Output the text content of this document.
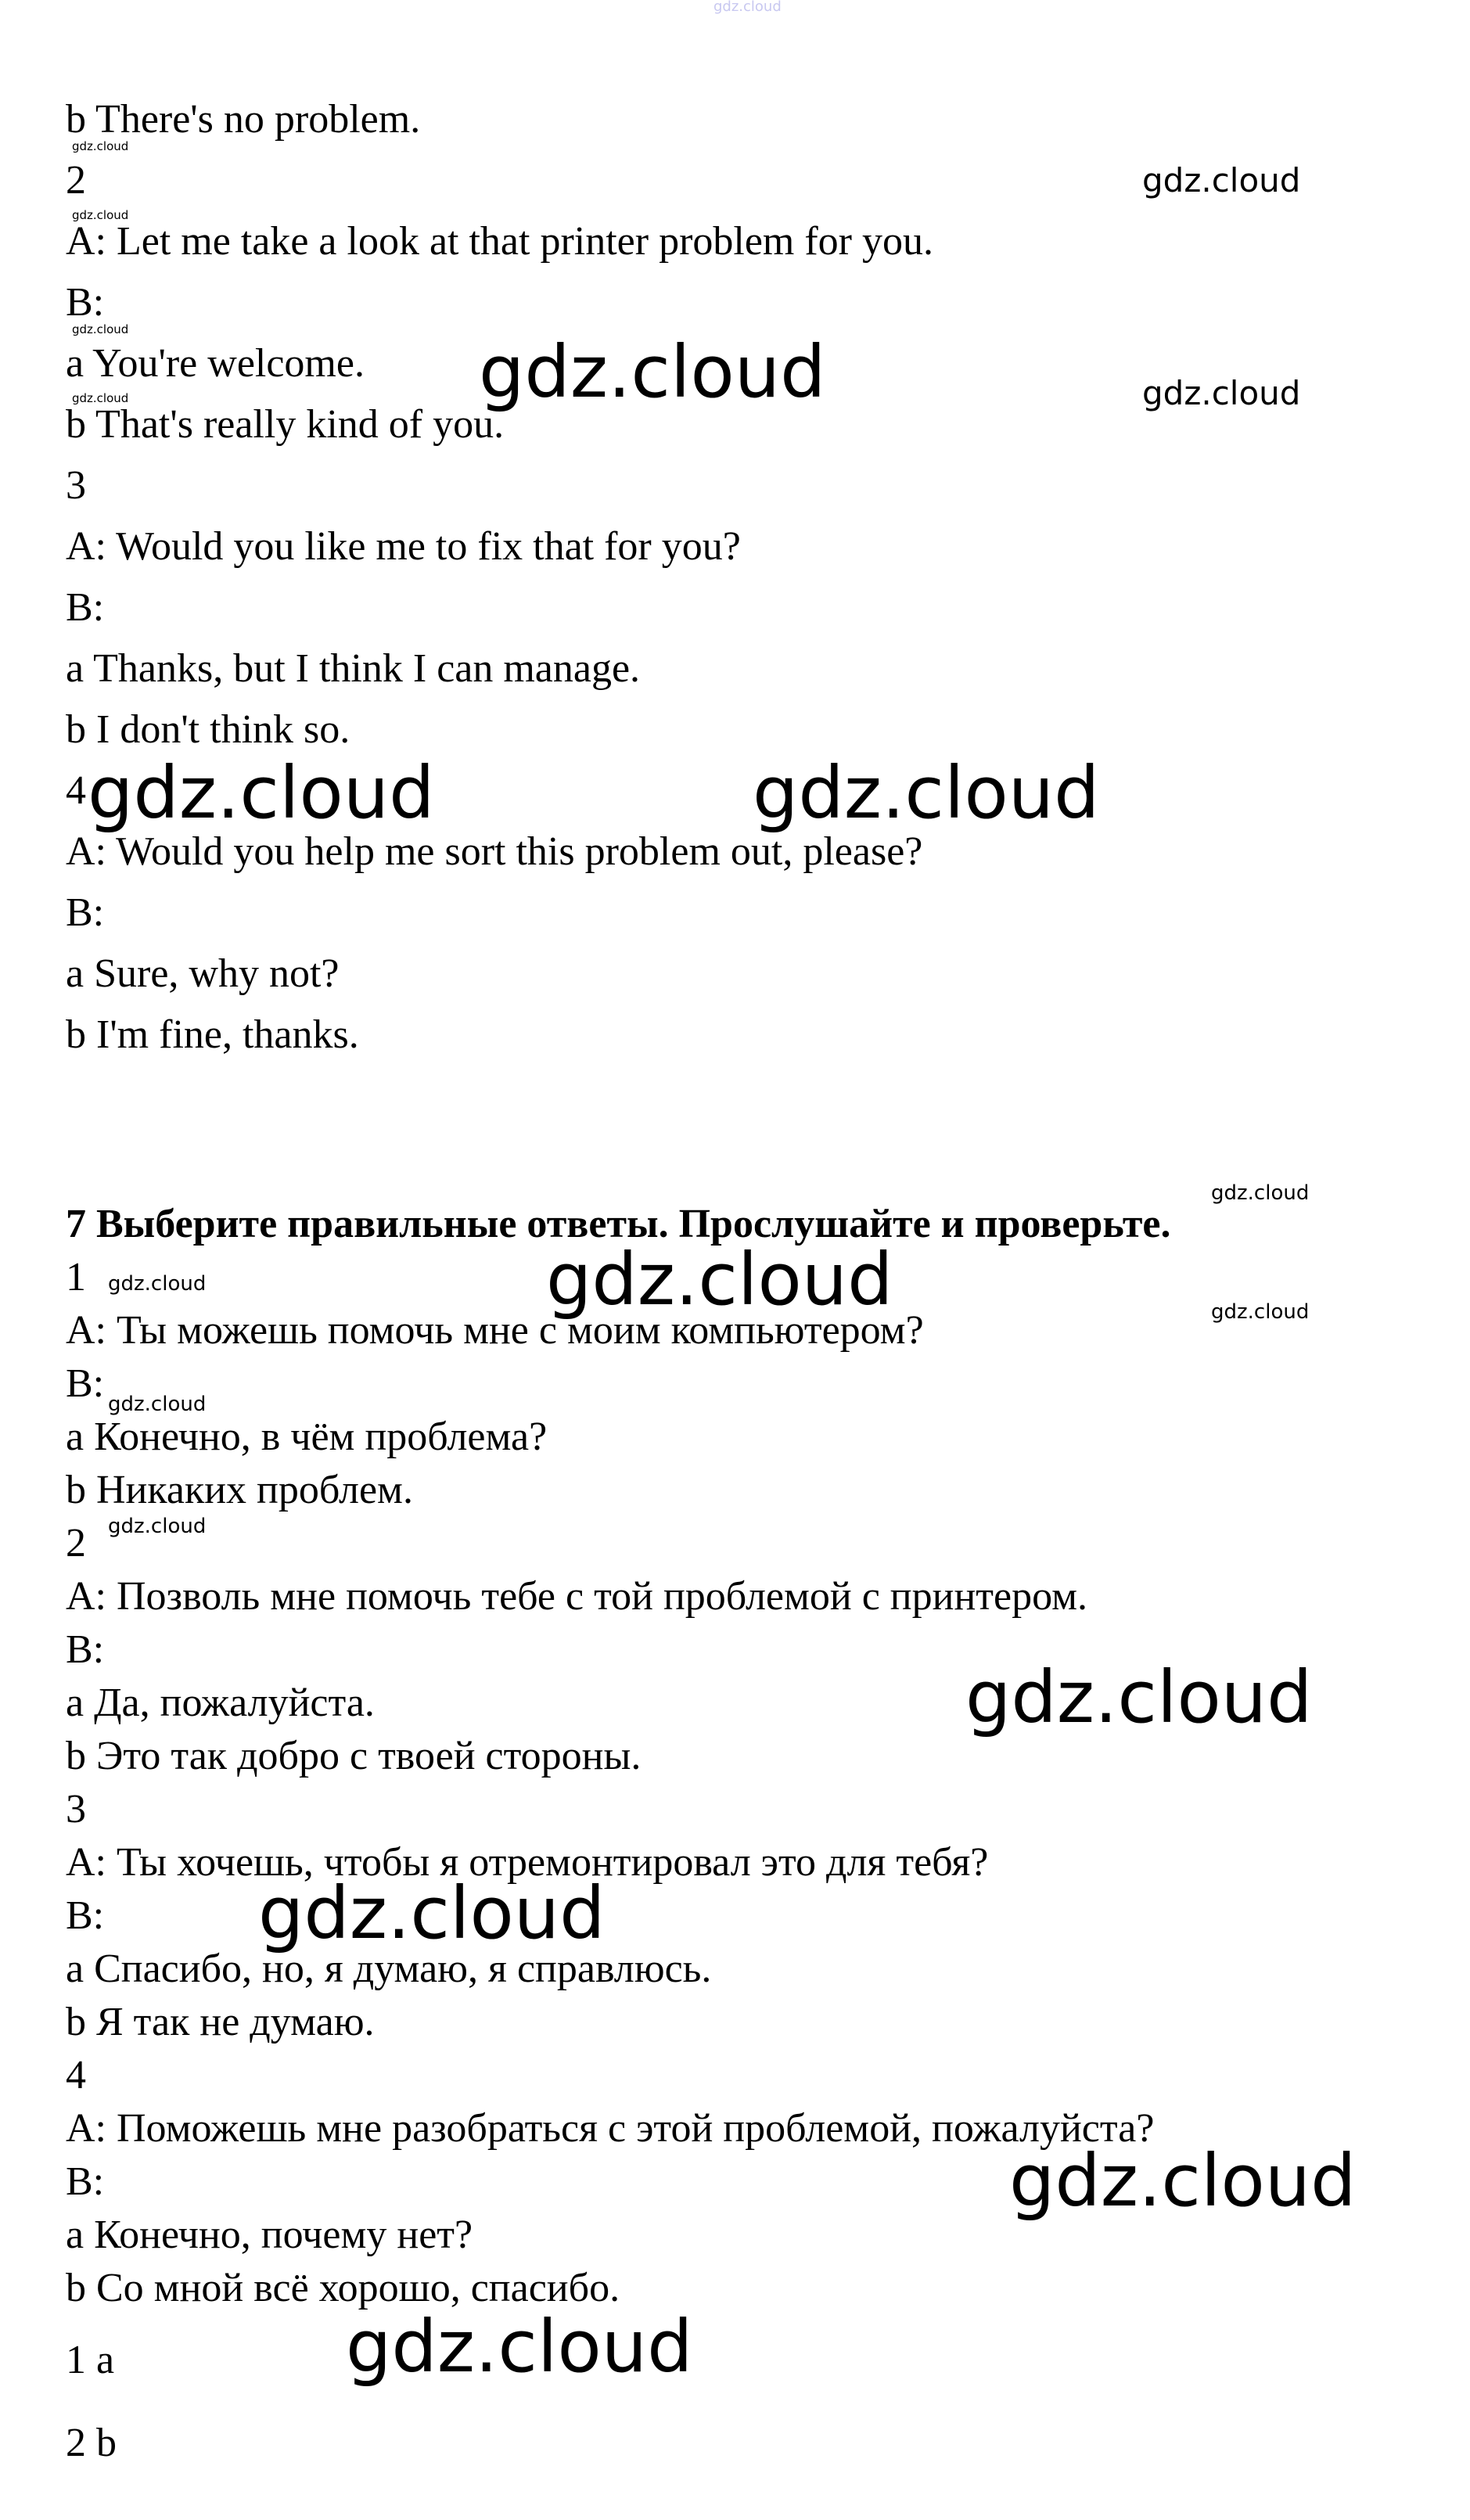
gdz.cloud

b There's no problem.

2

A: Let me take a look at that printer problem for you.

B:

a You're welcome.

b That's really kind of you.

3

A: Would you like me to fix that for you?

B:

a Thanks, but I think I can manage.

b I don't think so.

4

A: Would you help me sort this problem out, please?

B:

a Sure, why not?

b I'm fine, thanks.

7 Выберите правильные ответы. Прослушайте и проверьте.

1

A: Ты можешь помочь мне с моим компьютером?

B:

a Конечно, в чём проблема?

b Никаких проблем.

2

A: Позволь мне помочь тебе с той проблемой с принтером.

B:

a Да, пожалуйста.

b Это так добро с твоей стороны.

3

A: Ты хочешь, чтобы я отремонтировал это для тебя?

B:

a Спасибо, но, я думаю, я справлюсь.

b Я так не думаю.

4

A: Поможешь мне разобраться с этой проблемой, пожалуйста?

B:

a Конечно, почему нет?

b Со мной всё хорошо, спасибо.

1 a

2 b

gdz.cloud
gdz.cloud
gdz.cloud
gdz.cloud
gdz.cloud
gdz.cloud
gdz.cloud
gdz.cloud	gdz.cloud
gdz.cloud
gdz.cloud	gdz.cloud	gdz.cloud
gdz.cloud
gdz.cloud
gdz.cloud
gdz.cloud
gdz.cloud
gdz.cloud
